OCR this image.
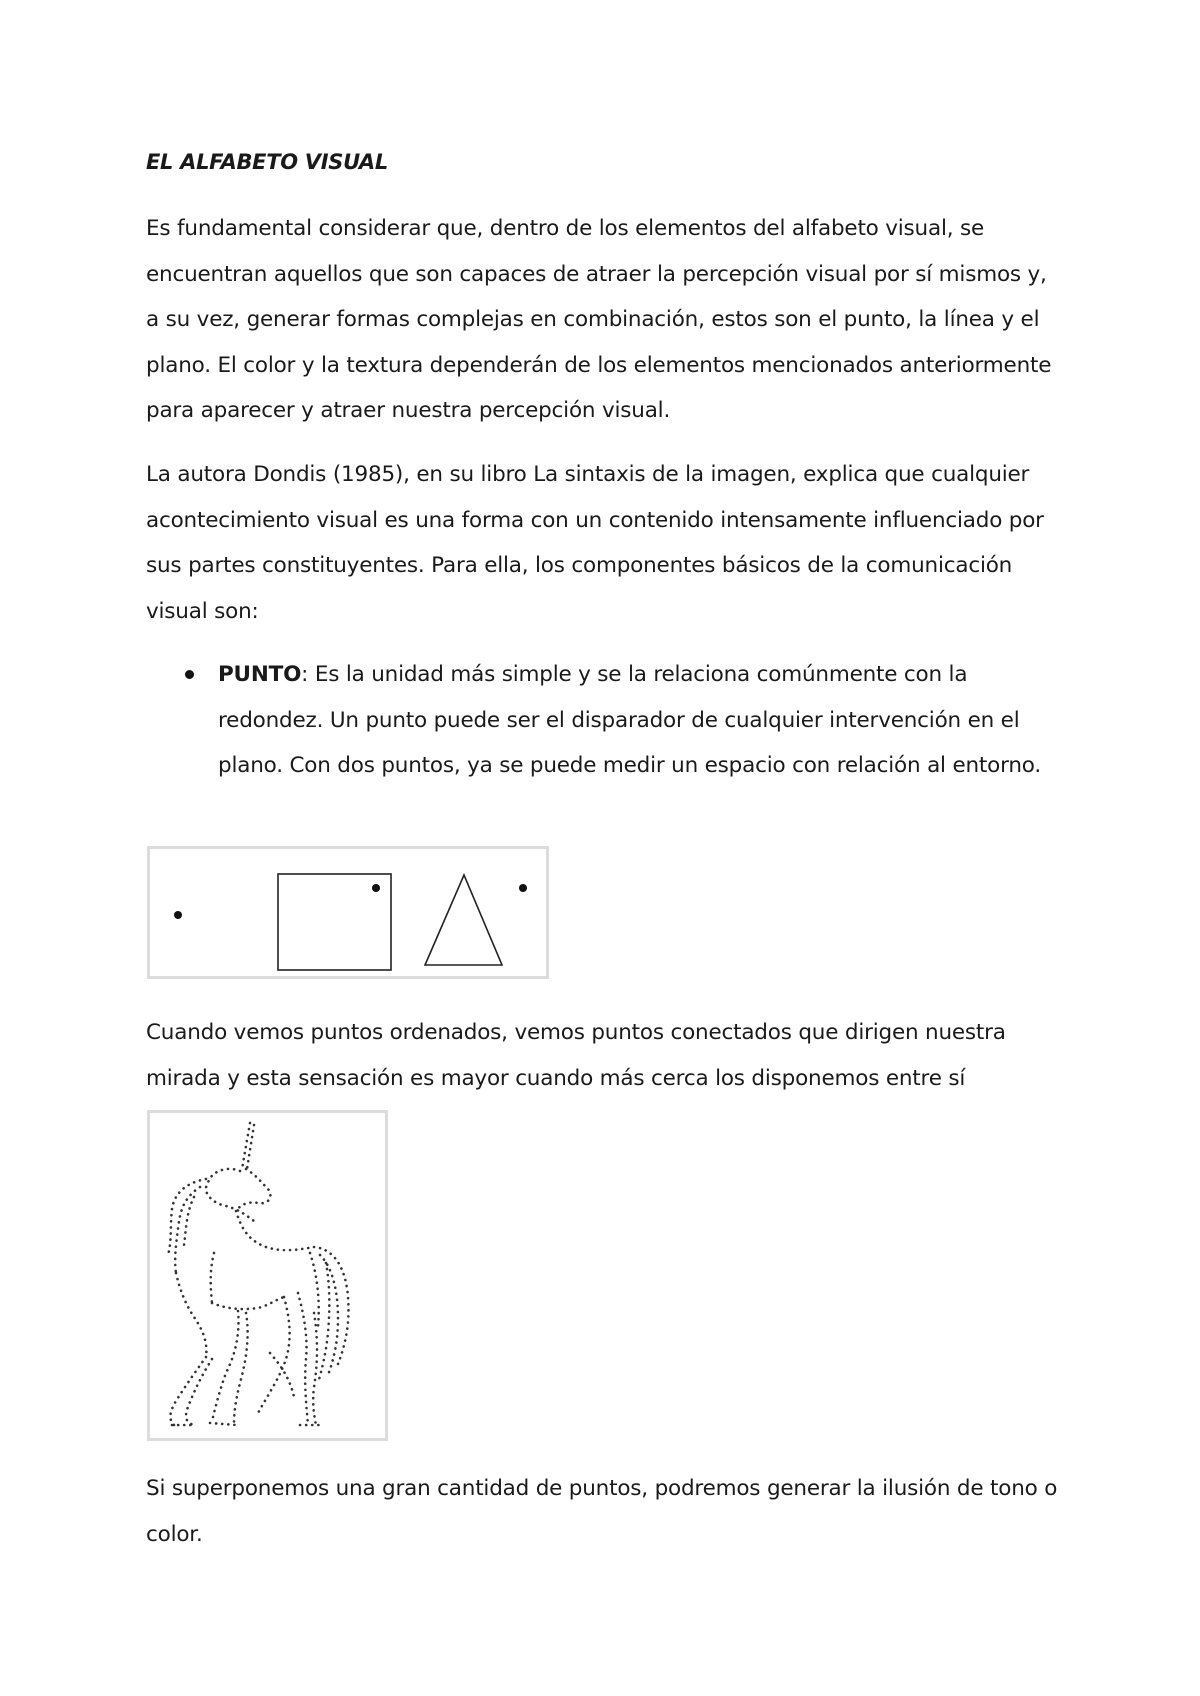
EL ALFABETO VISUAL

Es fundamental considerar que, dentro de los elementos del alfabeto visual, se encuentran aquellos que son capaces de atraer la percepción visual por sí mismos y, a su vez, generar formas complejas en combinación, estos son el punto, la línea y el plano. El color y la textura dependerán de los elementos mencionados anteriormente para aparecer y atraer nuestra percepción visual.

La autora Dondis (1985), en su libro La sintaxis de la imagen, explica que cualquier acontecimiento visual es una forma con un contenido intensamente influenciado por sus partes constituyentes. Para ella, los componentes básicos de la comunicación visual son:

PUNTO: Es la unidad más simple y se la relaciona comúnmente con la redondez. Un punto puede ser el disparador de cualquier intervención en el plano. Con dos puntos, ya se puede medir un espacio con relación al entorno.

Cuando vemos puntos ordenados, vemos puntos conectados que dirigen nuestra mirada y esta sensación es mayor cuando más cerca los disponemos entre sí

Si superponemos una gran cantidad de puntos, podremos generar la ilusión de tono o color.
